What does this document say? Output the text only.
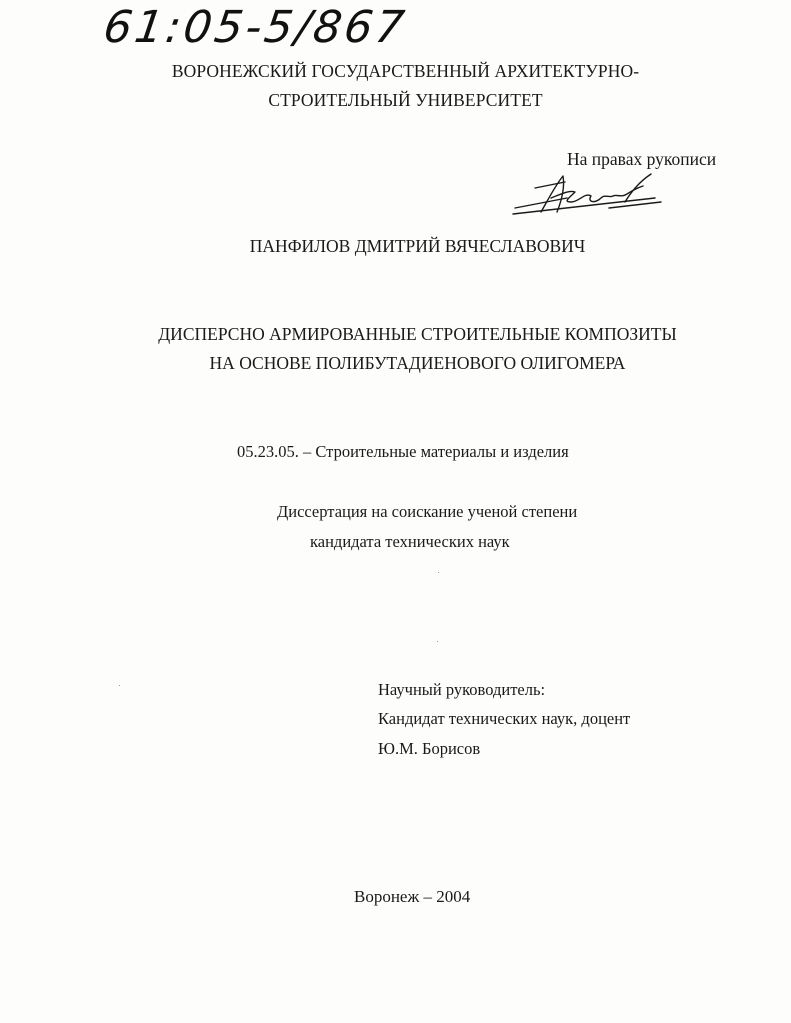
61:05-5/867
ВОРОНЕЖСКИЙ ГОСУДАРСТВЕННЫЙ АРХИТЕКТУРНО-
СТРОИТЕЛЬНЫЙ УНИВЕРСИТЕТ
На правах рукописи
ПАНФИЛОВ ДМИТРИЙ ВЯЧЕСЛАВОВИЧ
ДИСПЕРСНО АРМИРОВАННЫЕ СТРОИТЕЛЬНЫЕ КОМПОЗИТЫ
НА ОСНОВЕ ПОЛИБУТАДИЕНОВОГО ОЛИГОМЕРА
05.23.05. – Строительные материалы и изделия
Диссертация на соискание ученой степени
кандидата технических наук
Научный руководитель:
Кандидат технических наук, доцент
Ю.М. Борисов
Воронеж – 2004
